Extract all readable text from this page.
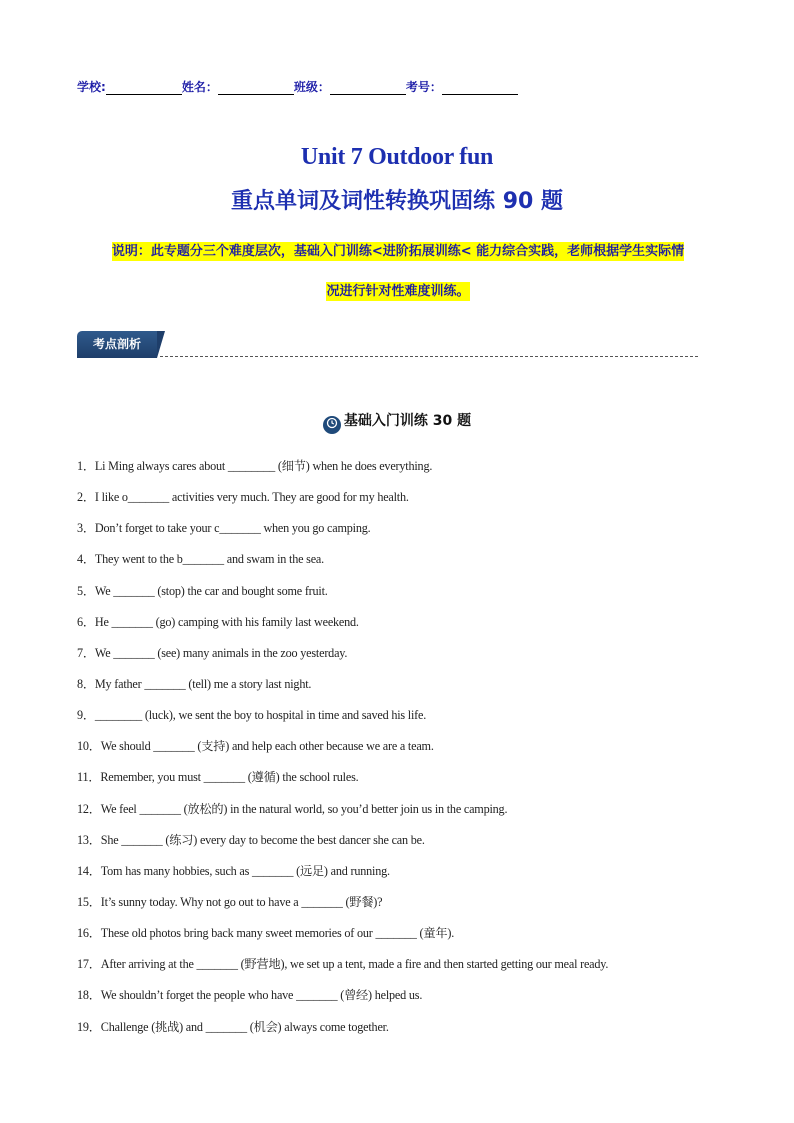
学校:	姓名：	班级：	考号：
Unit 7 Outdoor fun
重点单词及词性转换巩固练 90 题
说明：此专题分三个难度层次，基础入门训练<进阶拓展训练< 能力综合实践，老师根据学生实际情
况进行针对性难度训练。
考点剖析
基础入门训练 30 题
1．Li Ming always cares about ________ (细节) when he does everything.
2．I like o_______ activities very much. They are good for my health.
3．Don’t forget to take your c_______ when you go camping.
4．They went to the b_______ and swam in the sea.
5．We _______ (stop) the car and bought some fruit.
6．He _______ (go) camping with his family last weekend.
7．We _______ (see) many animals in the zoo yesterday.
8．My father _______ (tell) me a story last night.
9．________ (luck), we sent the boy to hospital in time and saved his life.
10．We should _______ (支持) and help each other because we are a team.
11．Remember, you must _______ (遵循) the school rules.
12．We feel _______ (放松的) in the natural world, so you’d better join us in the camping.
13．She _______ (练习) every day to become the best dancer she can be.
14．Tom has many hobbies, such as _______ (远足) and running.
15．It’s sunny today. Why not go out to have a _______ (野餐)?
16．These old photos bring back many sweet memories of our _______ (童年).
17．After arriving at the _______ (野营地), we set up a tent, made a fire and then started getting our meal ready.
18．We shouldn’t forget the people who have _______ (曾经) helped us.
19．Challenge (挑战) and _______ (机会) always come together.
